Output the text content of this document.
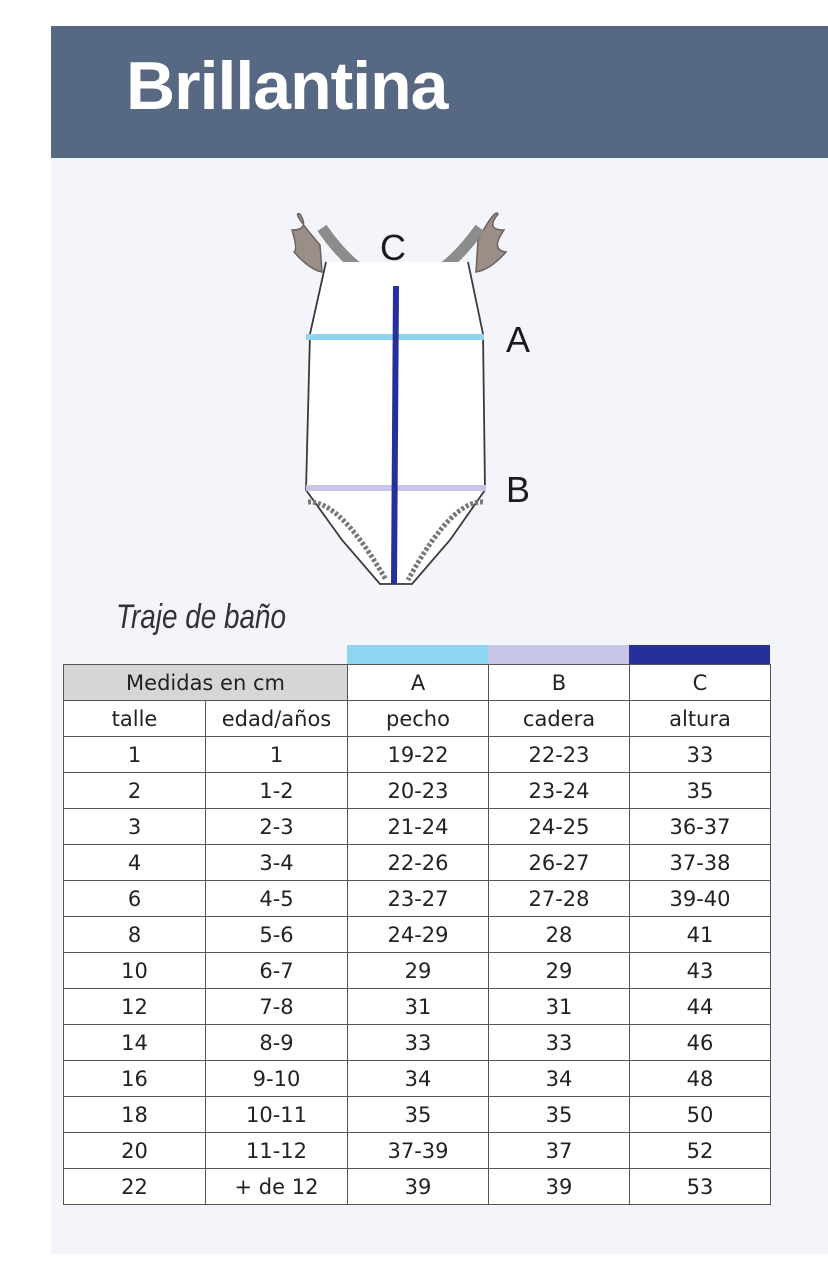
Brillantina
C
A
B
Traje de baño
Medidas en cm		A	B	C
talle	edad/años	pecho	cadera	altura
1	1	19-22	22-23	33
2	1-2	20-23	23-24	35
3	2-3	21-24	24-25	36-37
4	3-4	22-26	26-27	37-38
6	4-5	23-27	27-28	39-40
8	5-6	24-29	28	41
10	6-7	29	29	43
12	7-8	31	31	44
14	8-9	33	33	46
16	9-10	34	34	48
18	10-11	35	35	50
20	11-12	37-39	37	52
22	+ de 12	39	39	53
